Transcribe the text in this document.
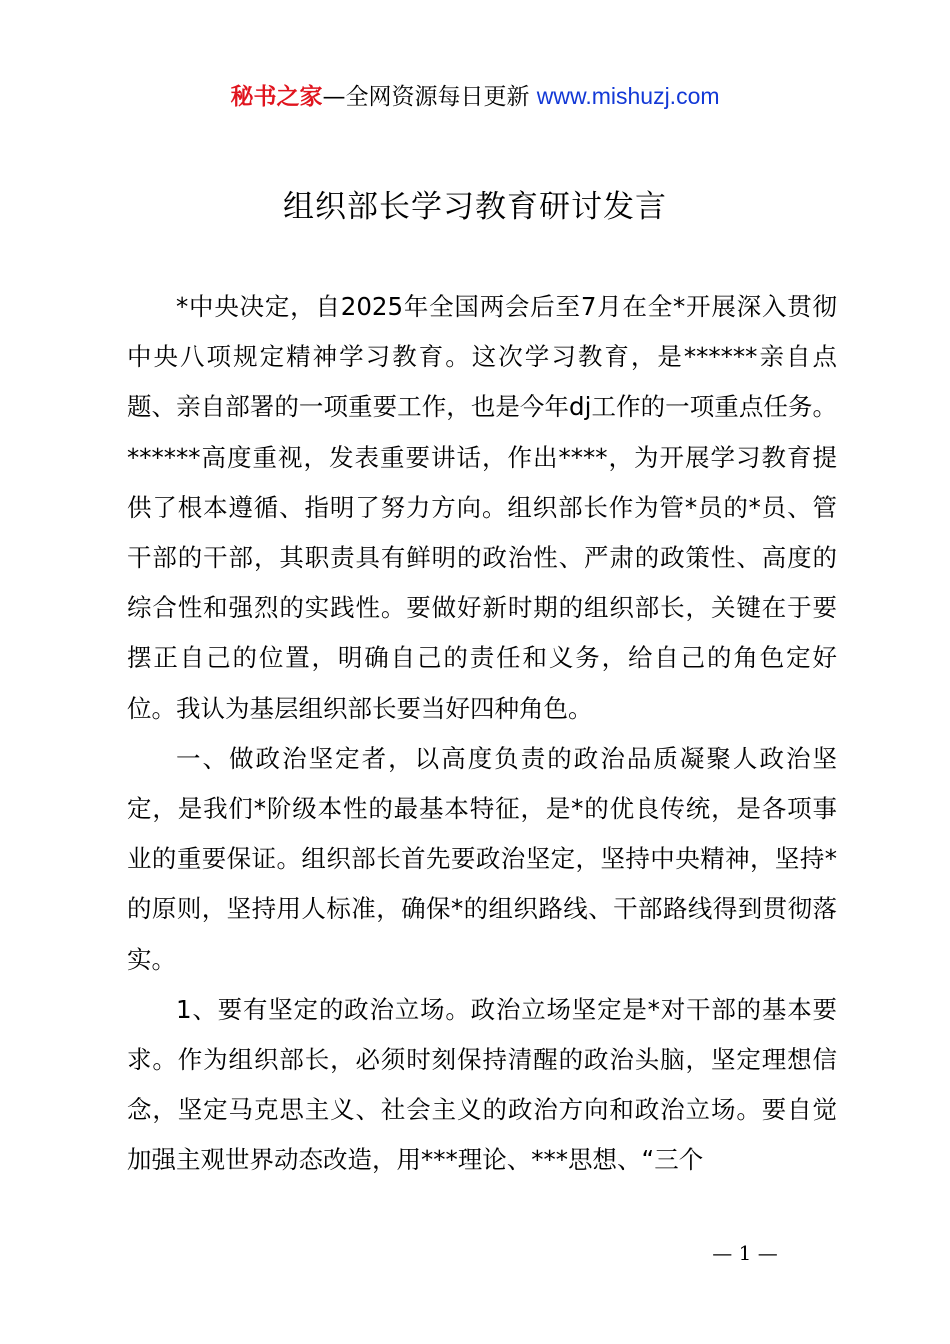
秘书之家—全网资源每日更新 www.mishuzj.com
组织部长学习教育研讨发言

*中央决定，自2025年全国两会后至7月在全*开展深入贯彻中央八项规定精神学习教育。这次学习教育，是******亲自点题、亲自部署的一项重要工作，也是今年dj工作的一项重点任务。******高度重视，发表重要讲话，作出****，为开展学习教育提供了根本遵循、指明了努力方向。组织部长作为管*员的*员、管干部的干部，其职责具有鲜明的政治性、严肃的政策性、高度的综合性和强烈的实践性。要做好新时期的组织部长，关键在于要摆正自己的位置，明确自己的责任和义务，给自己的角色定好位。我认为基层组织部长要当好四种角色。

一、做政治坚定者，以高度负责的政治品质凝聚人政治坚定，是我们*阶级本性的最基本特征，是*的优良传统，是各项事业的重要保证。组织部长首先要政治坚定，坚持中央精神，坚持*的原则，坚持用人标准，确保*的组织路线、干部路线得到贯彻落实。

1、要有坚定的政治立场。政治立场坚定是*对干部的基本要求。作为组织部长，必须时刻保持清醒的政治头脑，坚定理想信念，坚定马克思主义、社会主义的政治方向和政治立场。要自觉加强主观世界动态改造，用***理论、***思想、“三个

— 1 —
